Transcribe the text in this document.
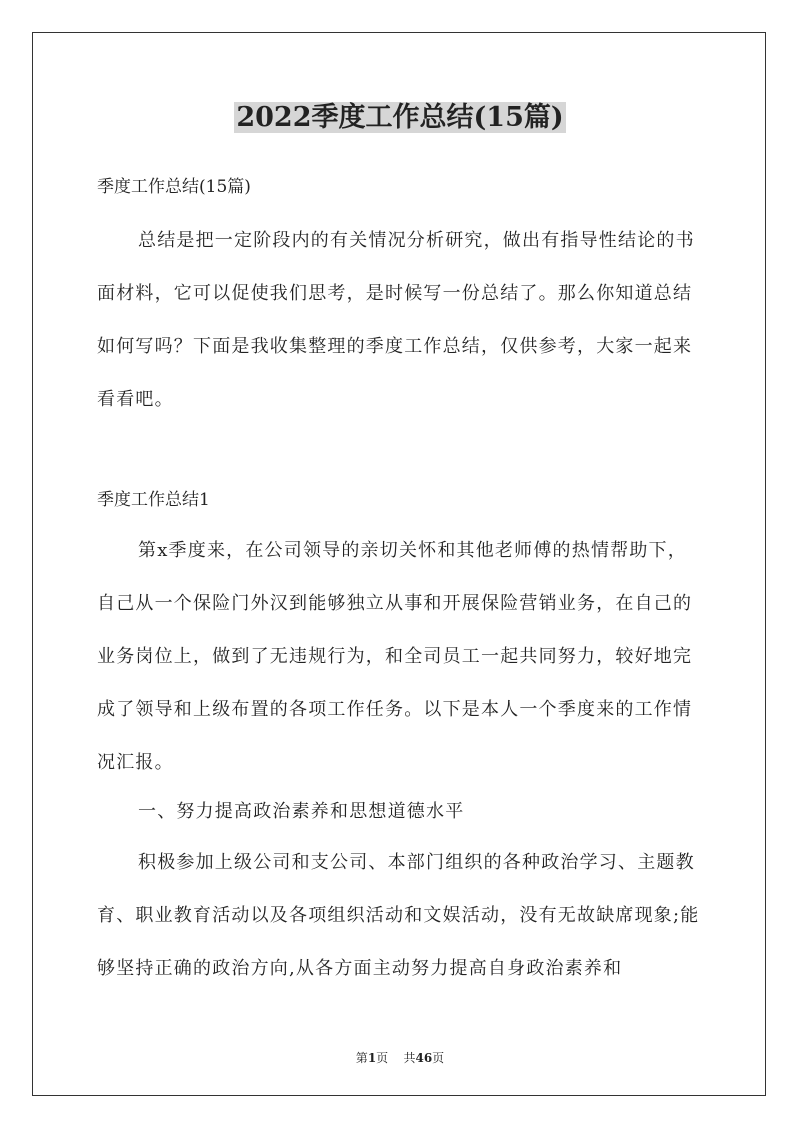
2022季度工作总结(15篇)
季度工作总结(15篇)

总结是把一定阶段内的有关情况分析研究，做出有指导性结论的书面材料，它可以促使我们思考，是时候写一份总结了。那么你知道总结如何写吗？下面是我收集整理的季度工作总结，仅供参考，大家一起来看看吧。

季度工作总结1

第x季度来，在公司领导的亲切关怀和其他老师傅的热情帮助下，自己从一个保险门外汉到能够独立从事和开展保险营销业务，在自己的业务岗位上，做到了无违规行为，和全司员工一起共同努力，较好地完成了领导和上级布置的各项工作任务。以下是本人一个季度来的工作情况汇报。

一、努力提高政治素养和思想道德水平

积极参加上级公司和支公司、本部门组织的各种政治学习、主题教育、职业教育活动以及各项组织活动和文娱活动，没有无故缺席现象;能够坚持正确的政治方向,从各方面主动努力提高自身政治素养和

第1页 共46页
